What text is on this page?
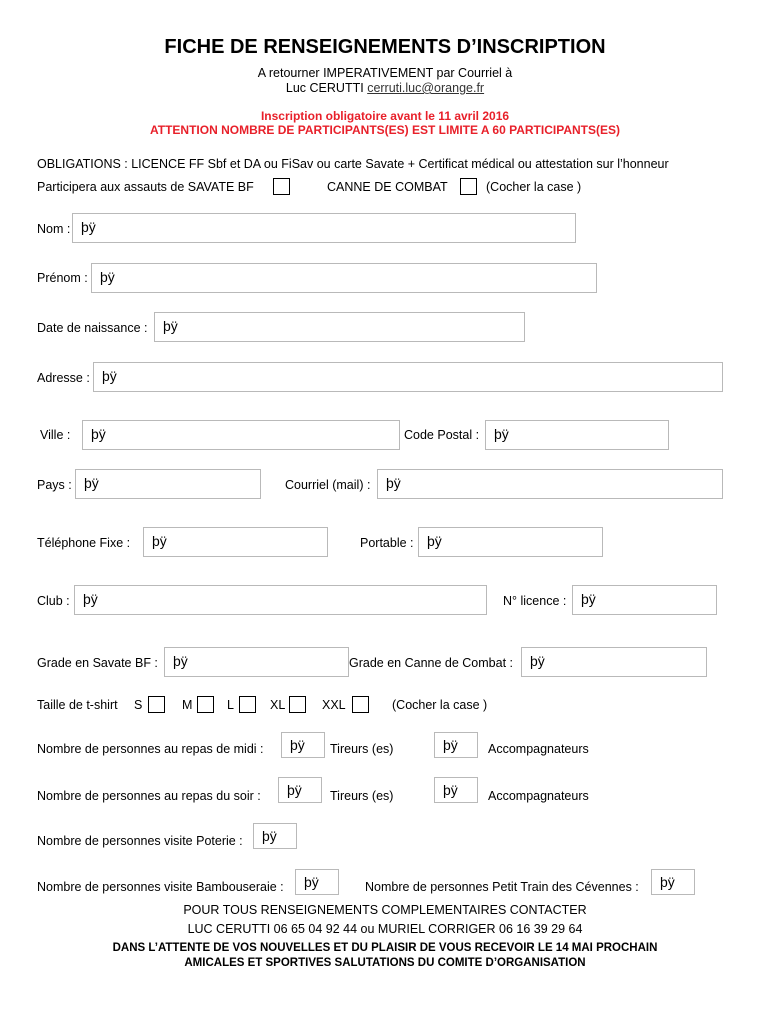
FICHE DE RENSEIGNEMENTS D’INSCRIPTION
A retourner IMPERATIVEMENT par Courriel à
Luc CERUTTI cerruti.luc@orange.fr
Inscription obligatoire avant le 11 avril 2016
ATTENTION NOMBRE DE PARTICIPANTS(ES) EST LIMITE A 60 PARTICIPANTS(ES)
OBLIGATIONS : LICENCE FF Sbf et DA ou FiSav ou carte Savate + Certificat médical ou attestation sur l’honneur
Participera aux assauts de SAVATE BF	CANNE DE COMBAT	(Cocher la case )
Nom : þÿ
Prénom : þÿ
Date de naissance :	þÿ
Adresse : þÿ
Ville :	þÿ	Code Postal :	þÿ
Pays : þÿ	Courriel (mail) :	þÿ
Téléphone Fixe :	þÿ	Portable : þÿ
Club : þÿ	N° licence :	þÿ
Grade en Savate BF :	þÿ	Grade en Canne de Combat :	þÿ
Taille de t-shirt S	M	L	XL	XXL	(Cocher la case )
Nombre de personnes au repas de midi :	þÿ	Tireurs (es)	þÿ	Accompagnateurs
Nombre de personnes au repas du soir :	þÿ	Tireurs (es)	þÿ	Accompagnateurs
Nombre de personnes visite Poterie :	þÿ
Nombre de personnes visite Bambouseraie :	þÿ	Nombre de personnes Petit Train des Cévennes :	þÿ
POUR TOUS RENSEIGNEMENTS COMPLEMENTAIRES CONTACTER
LUC CERUTTI 06 65 04 92 44 ou MURIEL CORRIGER 06 16 39 29 64
DANS L’ATTENTE DE VOS NOUVELLES ET DU PLAISIR DE VOUS RECEVOIR LE 14 MAI PROCHAIN
AMICALES ET SPORTIVES SALUTATIONS DU COMITE D’ORGANISATION
